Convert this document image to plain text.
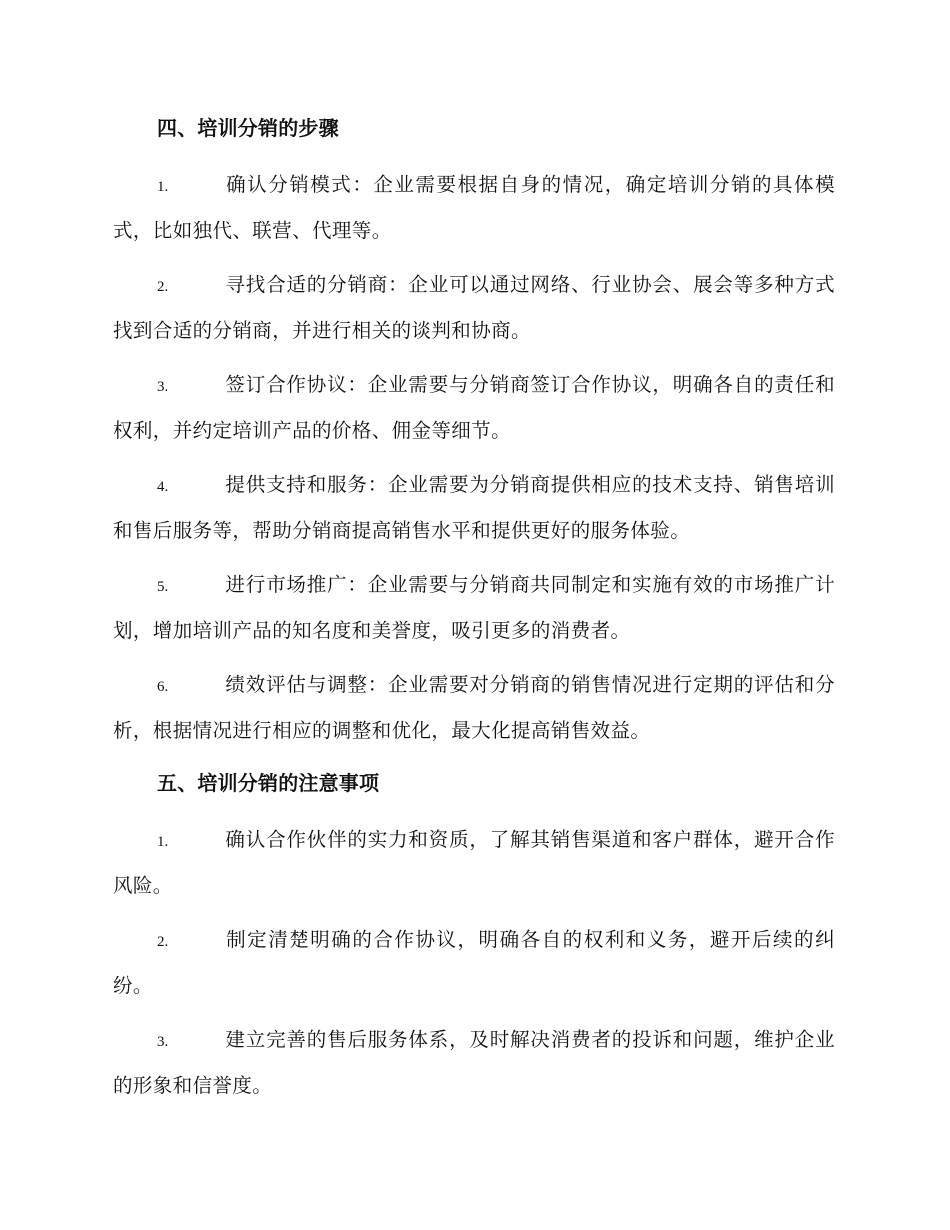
四、培训分销的步骤

1.	确认分销模式：企业需要根据自身的情况，确定培训分销的具体模式，比如独代、联营、代理等。

2.	寻找合适的分销商：企业可以通过网络、行业协会、展会等多种方式找到合适的分销商，并进行相关的谈判和协商。

3.	签订合作协议：企业需要与分销商签订合作协议，明确各自的责任和权利，并约定培训产品的价格、佣金等细节。

4.	提供支持和服务：企业需要为分销商提供相应的技术支持、销售培训和售后服务等，帮助分销商提高销售水平和提供更好的服务体验。

5.	进行市场推广：企业需要与分销商共同制定和实施有效的市场推广计划，增加培训产品的知名度和美誉度，吸引更多的消费者。

6.	绩效评估与调整：企业需要对分销商的销售情况进行定期的评估和分析，根据情况进行相应的调整和优化，最大化提高销售效益。

五、培训分销的注意事项

1.	确认合作伙伴的实力和资质，了解其销售渠道和客户群体，避开合作风险。

2.	制定清楚明确的合作协议，明确各自的权利和义务，避开后续的纠纷。

3.	建立完善的售后服务体系，及时解决消费者的投诉和问题，维护企业的形象和信誉度。
